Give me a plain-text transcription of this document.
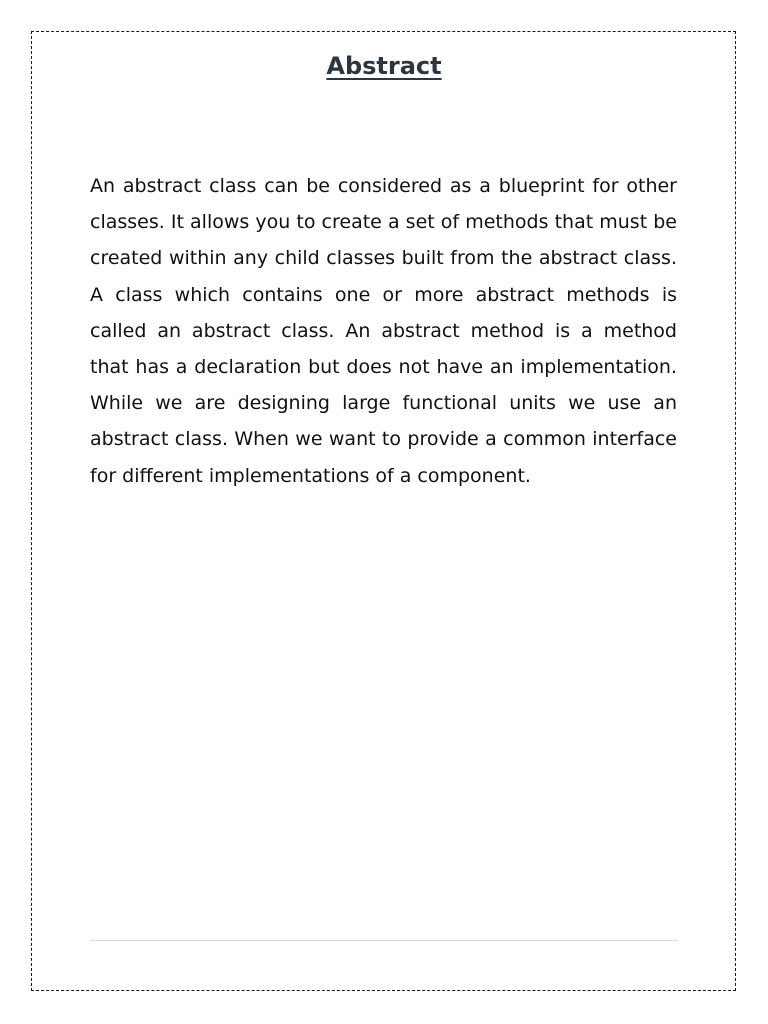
Abstract

An abstract class can be considered as a blueprint for other classes. It allows you to create a set of methods that must be created within any child classes built from the abstract class. A class which contains one or more abstract methods is called an abstract class. An abstract method is a method that has a declaration but does not have an implementation. While we are designing large functional units we use an abstract class. When we want to provide a common interface for different implementations of a component.
